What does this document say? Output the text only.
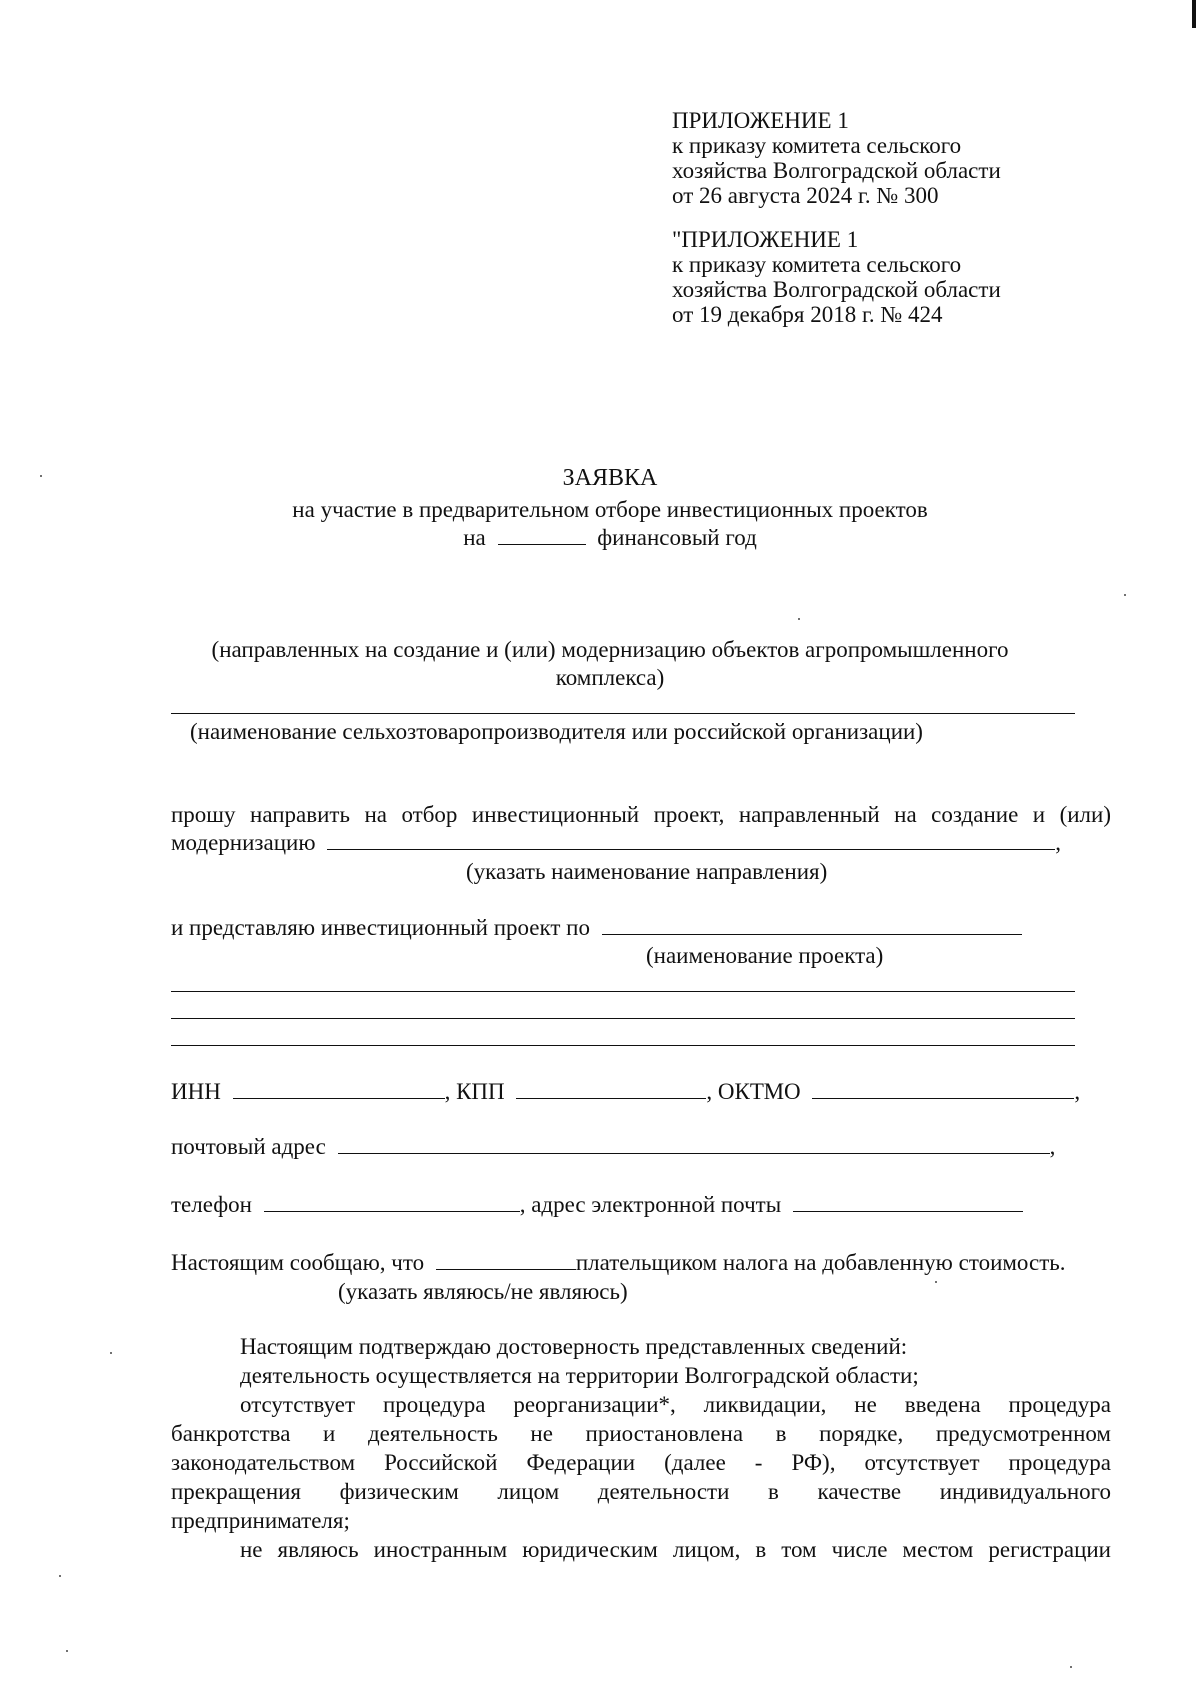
ПРИЛОЖЕНИЕ 1
к приказу комитета сельского
хозяйства Волгоградской области
от 26 августа 2024 г. № 300
"ПРИЛОЖЕНИЕ 1
к приказу комитета сельского
хозяйства Волгоградской области
от 19 декабря 2018 г. № 424
ЗАЯВКА
на участие в предварительном отборе инвестиционных проектов
на	финансовый год
(направленных на создание и (или) модернизацию объектов агропромышленного
комплекса)
(наименование сельхозтоваропроизводителя или российской организации)
прошу направить на отбор инвестиционный проект, направленный на создание и (или)
модернизацию	,
(указать наименование направления)
и представляю инвестиционный проект по
(наименование проекта)
ИНН	, КПП	, ОКТМО	,
почтовый адрес	,
телефон	, адрес электронной почты
Настоящим сообщаю, что	плательщиком налога на добавленную стоимость.
(указать являюсь/не являюсь)
Настоящим подтверждаю достоверность представленных сведений:
деятельность осуществляется на территории Волгоградской области;
отсутствует процедура реорганизации*, ликвидации, не введена процедура
банкротства и деятельность не приостановлена в порядке, предусмотренном
законодательством Российской Федерации (далее - РФ), отсутствует процедура
прекращения физическим лицом деятельности в качестве индивидуального
предпринимателя;
не являюсь иностранным юридическим лицом, в том числе местом регистрации
